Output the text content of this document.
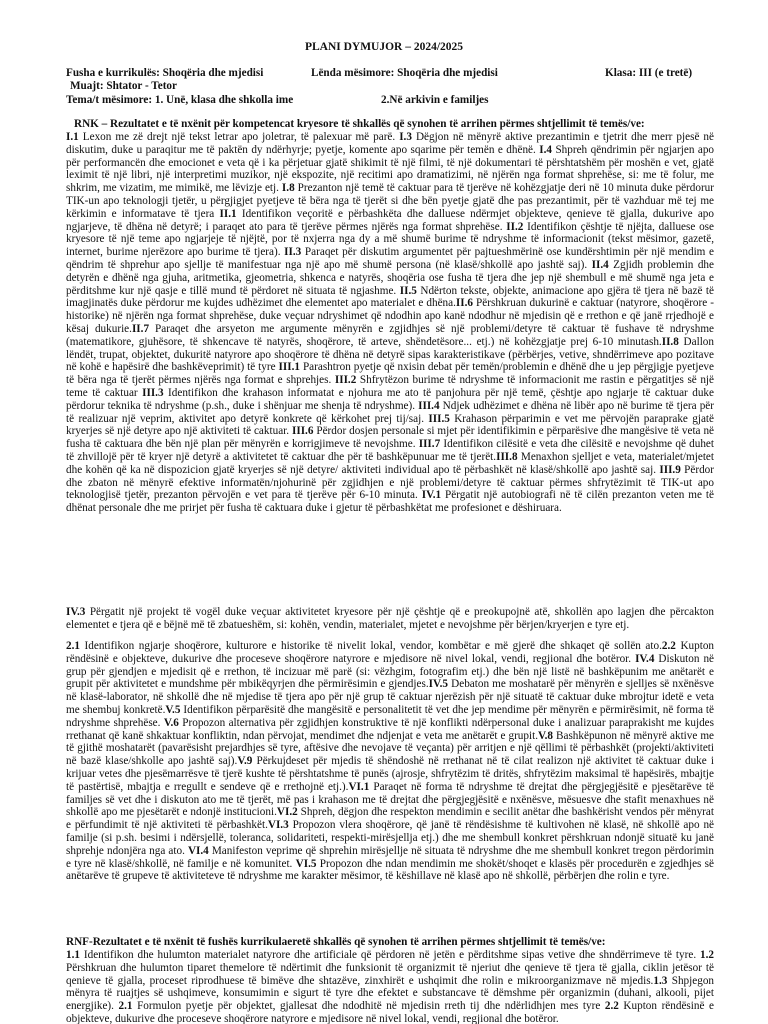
PLANI DYMUJOR – 2024/2025
Fusha e kurrikulës: Shoqëria dhe mjedisi	Lënda mësimore: Shoqëria dhe mjedisi	Klasa: III (e tretë)
Muajt: Shtator - Tetor
Tema/t mësimore: 1. Unë, klasa dhe shkolla ime	2.Në arkivin e familjes
RNK – Rezultatet e të nxënit për kompetencat kryesore të shkallës që synohen të arrihen përmes shtjellimit të temës/ve:

I.1 Lexon me zë drejt një tekst letrar apo joletrar, të palexuar më parë. I.3 Dëgjon në mënyrë aktive prezantimin e tjetrit dhe merr pjesë në diskutim, duke u paraqitur me të paktën dy ndërhyrje; pyetje, komente apo sqarime për temën e dhënë. I.4 Shpreh qëndrimin për ngjarjen apo për performancën dhe emocionet e veta që i ka përjetuar gjatë shikimit të një filmi, të një dokumentari të përshtatshëm për moshën e vet, gjatë leximit të një libri, një interpretimi muzikor, një ekspozite, një recitimi apo dramatizimi, në njërën nga format shprehëse, si: me të folur, me shkrim, me vizatim, me mimikë, me lëvizje etj. I.8 Prezanton një temë të caktuar para të tjerëve në kohëzgjatje deri në 10 minuta duke përdorur TIK-un apo teknologji tjetër, u përgjigjet pyetjeve të bëra nga të tjerët si dhe bën pyetje gjatë dhe pas prezantimit, për të vazhduar më tej me kërkimin e informatave të tjera II.1 Identifikon veçoritë e përbashkëta dhe dalluese ndërmjet objekteve, qenieve të gjalla, dukurive apo ngjarjeve, të dhëna në detyrë; i paraqet ato para të tjerëve përmes njërës nga format shprehëse. II.2 Identifikon çështje të njëjta, dalluese ose kryesore të një teme apo ngjarjeje të njëjtë, por të nxjerra nga dy a më shumë burime të ndryshme të informacionit (tekst mësimor, gazetë, internet, burime njerëzore apo burime të tjera). II.3 Paraqet për diskutim argumentet për pajtueshmërinë ose kundërshtimin për një mendim e qëndrim të shprehur apo sjellje të manifestuar nga një apo më shumë persona (në klasë/shkollë apo jashtë saj). II.4 Zgjidh problemin dhe detyrën e dhënë nga gjuha, aritmetika, gjeometria, shkenca e natyrës, shoqëria ose fusha të tjera dhe jep një shembull e më shumë nga jeta e përditshme kur një qasje e tillë mund të përdoret në situata të ngjashme. II.5 Ndërton tekste, objekte, animacione apo gjëra të tjera në bazë të imagjinatës duke përdorur me kujdes udhëzimet dhe elementet apo materialet e dhëna.II.6 Përshkruan dukurinë e caktuar (natyrore, shoqërore - historike) në njërën nga format shprehëse, duke veçuar ndryshimet që ndodhin apo kanë ndodhur në mjedisin që e rrethon e që janë rrjedhojë e kësaj dukurie.II.7 Paraqet dhe arsyeton me argumente mënyrën e zgjidhjes së një problemi/detyre të caktuar të fushave të ndryshme (matematikore, gjuhësore, të shkencave të natyrës, shoqërore, të arteve, shëndetësore... etj.) në kohëzgjatje prej 6-10 minutash.II.8 Dallon lëndët, trupat, objektet, dukuritë natyrore apo shoqërore të dhëna në detyrë sipas karakteristikave (përbërjes, vetive, shndërrimeve apo pozitave në kohë e hapësirë dhe bashkëveprimit) të tyre III.1 Parashtron pyetje që nxisin debat për temën/problemin e dhënë dhe u jep përgjigje pyetjeve të bëra nga të tjerët përmes njërës nga format e shprehjes. III.2 Shfrytëzon burime të ndryshme të informacionit me rastin e përgatitjes së një teme të caktuar III.3 Identifikon dhe krahason informatat e njohura me ato të panjohura për një temë, çështje apo ngjarje të caktuar duke përdorur teknika të ndryshme (p.sh., duke i shënjuar me shenja të ndryshme). III.4 Ndjek udhëzimet e dhëna në libër apo në burime të tjera për të realizuar një veprim, aktivitet apo detyrë konkrete që kërkohet prej tij/saj. III.5 Krahason përparimin e vet me përvojën paraprake gjatë kryerjes së një detyre apo një aktiviteti të caktuar. III.6 Përdor dosjen personale si mjet për identifikimin e përparësive dhe mangësive të veta në fusha të caktuara dhe bën një plan për mënyrën e korrigjimeve të nevojshme. III.7 Identifikon cilësitë e veta dhe cilësitë e nevojshme që duhet të zhvillojë për të kryer një detyrë a aktivitetet të caktuar dhe për të bashkëpunuar me të tjerët.III.8 Menaxhon sjelljet e veta, materialet/mjetet dhe kohën që ka në dispozicion gjatë kryerjes së një detyre/ aktiviteti individual apo të përbashkët në klasë/shkollë apo jashtë saj. III.9 Përdor dhe zbaton në mënyrë efektive informatën/njohurinë për zgjidhjen e një problemi/detyre të caktuar përmes shfrytëzimit të TIK-ut apo teknologjisë tjetër, prezanton përvojën e vet para të tjerëve për 6-10 minuta. IV.1 Përgatit një autobiografi në të cilën prezanton veten me të dhënat personale dhe me prirjet për fusha të caktuara duke i gjetur të përbashkëtat me profesionet e dëshiruara.

IV.3 Përgatit një projekt të vogël duke veçuar aktivitetet kryesore për një çështje që e preokupojnë atë, shkollën apo lagjen dhe përcakton elementet e tjera që e bëjnë më të zbatueshëm, si: kohën, vendin, materialet, mjetet e nevojshme për bërjen/kryerjen e tyre etj.

2.1 Identifikon ngjarje shoqërore, kulturore e historike të nivelit lokal, vendor, kombëtar e më gjerë dhe shkaqet që sollën ato.2.2 Kupton rëndësinë e objekteve, dukurive dhe proceseve shoqërore natyrore e mjedisore në nivel lokal, vendi, regjional dhe botëror. IV.4 Diskuton në grup për gjendjen e mjedisit që e rrethon, të incizuar më parë (si: vëzhgim, fotografim etj.) dhe bën një listë në bashkëpunim me anëtarët e grupit për aktivitetet e mundshme për mbikëqyrjen dhe përmirësimin e gjendjes.IV.5 Debaton me moshatarë për mënyrën e sjelljes së nxënësve në klasë-laborator, në shkollë dhe në mjedise të tjera apo për një grup të caktuar njerëzish për një situatë të caktuar duke mbrojtur idetë e veta me shembuj konkretë.V.5 Identifikon përparësitë dhe mangësitë e personalitetit të vet dhe jep mendime për mënyrën e përmirësimit, në forma të ndryshme shprehëse. V.6 Propozon alternativa për zgjidhjen konstruktive të një konflikti ndërpersonal duke i analizuar paraprakisht me kujdes rrethanat që kanë shkaktuar konfliktin, ndan përvojat, mendimet dhe ndjenjat e veta me anëtarët e grupit.V.8 Bashkëpunon në mënyrë aktive me të gjithë moshatarët (pavarësisht prejardhjes së tyre, aftësive dhe nevojave të veçanta) për arritjen e një qëllimi të përbashkët (projekti/aktiviteti në bazë klase/shkolle apo jashtë saj).V.9 Përkujdeset për mjedis të shëndoshë në rrethanat në të cilat realizon një aktivitet të caktuar duke i krijuar vetes dhe pjesëmarrësve të tjerë kushte të përshtatshme të punës (ajrosje, shfrytëzim të dritës, shfrytëzim maksimal të hapësirës, mbajtje të pastërtisë, mbajtja e rregullt e sendeve që e rrethojnë etj.).VI.1 Paraqet në forma të ndryshme të drejtat dhe përgjegjësitë e pjesëtarëve të familjes së vet dhe i diskuton ato me të tjerët, më pas i krahason me të drejtat dhe përgjegjësitë e nxënësve, mësuesve dhe stafit menaxhues në shkollë apo me pjesëtarët e ndonjë institucioni.VI.2 Shpreh, dëgjon dhe respekton mendimin e secilit anëtar dhe bashkërisht vendos për mënyrat e përfundimit të një aktiviteti të përbashkët.VI.3 Propozon vlera shoqërore, që janë të rëndësishme të kultivohen në klasë, në shkollë apo në familje (si p.sh. besimi i ndërsjellë, toleranca, solidariteti, respekti-mirësjellja etj.) dhe me shembull konkret përshkruan ndonjë situatë ku janë shprehje ndonjëra nga ato. VI.4 Manifeston veprime që shprehin mirësjellje në situata të ndryshme dhe me shembull konkret tregon përdorimin e tyre në klasë/shkollë, në familje e në komunitet. VI.5 Propozon dhe ndan mendimin me shokët/shoqet e klasës për procedurën e zgjedhjes së anëtarëve të grupeve të aktiviteteve të ndryshme me karakter mësimor, të këshillave në klasë apo në shkollë, përbërjen dhe rolin e tyre.

RNF-Rezultatet e të nxënit të fushës kurrikulaeretë shkallës që synohen të arrihen përmes shtjellimit të temës/ve:

1.1 Identifikon dhe hulumton materialet natyrore dhe artificiale që përdoren në jetën e përditshme sipas vetive dhe shndërrimeve të tyre. 1.2 Përshkruan dhe hulumton tiparet themelore të ndërtimit dhe funksionit të organizmit të njeriut dhe qenieve të tjera të gjalla, ciklin jetësor të qenieve të gjalla, proceset riprodhuese të bimëve dhe shtazëve, zinxhirët e ushqimit dhe rolin e mikroorganizmave në mjedis.1.3 Shpjegon mënyra të ruajtjes së ushqimeve, konsumimin e sigurt të tyre dhe efektet e substancave të dëmshme për organizmin (duhani, alkooli, pijet energjike). 2.1 Formulon pyetje për objektet, gjallesat dhe ndodhitë në mjedisin rreth tij dhe ndërlidhjen mes tyre 2.2 Kupton rëndësinë e objekteve, dukurive dhe proceseve shoqërore natyrore e mjedisore në nivel lokal, vendi, regjional dhe botëror.
